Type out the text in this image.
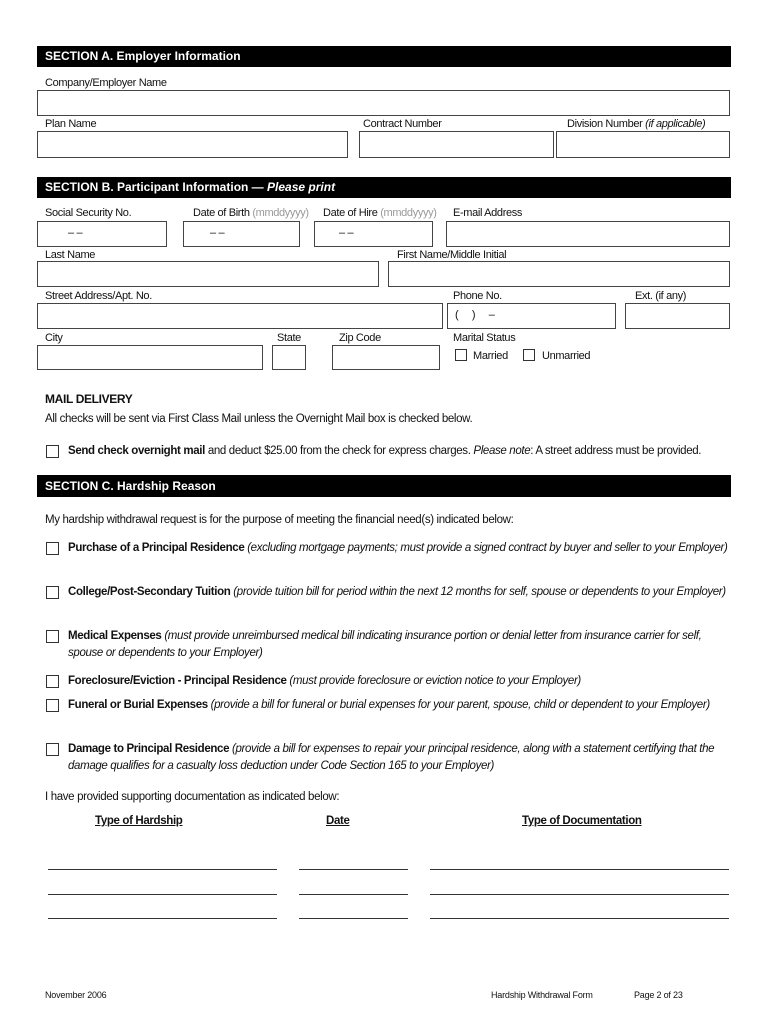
SECTION A. Employer Information
Company/Employer Name
Plan Name	Contract Number	Division Number (if applicable)
SECTION B. Participant Information — Please print
Social Security No.
– –
Date of Birth (mmddyyyy)
– –
Date of Hire (mmddyyyy)
– –
E-mail Address
Last Name	First Name/Middle Initial
Street Address/Apt. No.	Phone No.
(     )     –
Ext. (if any)
City	State	Zip Code	Marital Status
Married	Unmarried
MAIL DELIVERY
All checks will be sent via First Class Mail unless the Overnight Mail box is checked below.
Send check overnight mail and deduct $25.00 from the check for express charges. Please note: A street address must be provided.
SECTION C. Hardship Reason
My hardship withdrawal request is for the purpose of meeting the financial need(s) indicated below:
Purchase of a Principal Residence (excluding mortgage payments; must provide a signed contract by buyer and seller to your Employer)
College/Post-Secondary Tuition (provide tuition bill for period within the next 12 months for self, spouse or dependents to your Employer)
Medical Expenses (must provide unreimbursed medical bill indicating insurance portion or denial letter from insurance carrier for self, spouse or dependents to your Employer)
Foreclosure/Eviction - Principal Residence (must provide foreclosure or eviction notice to your Employer)
Funeral or Burial Expenses (provide a bill for funeral or burial expenses for your parent, spouse, child or dependent to your Employer)
Damage to Principal Residence (provide a bill for expenses to repair your principal residence, along with a statement certifying that the damage qualifies for a casualty loss deduction under Code Section 165 to your Employer)
I have provided supporting documentation as indicated below:
Type of Hardship	Date	Type of Documentation
November 2006	Hardship Withdrawal Form	Page 2 of 23
